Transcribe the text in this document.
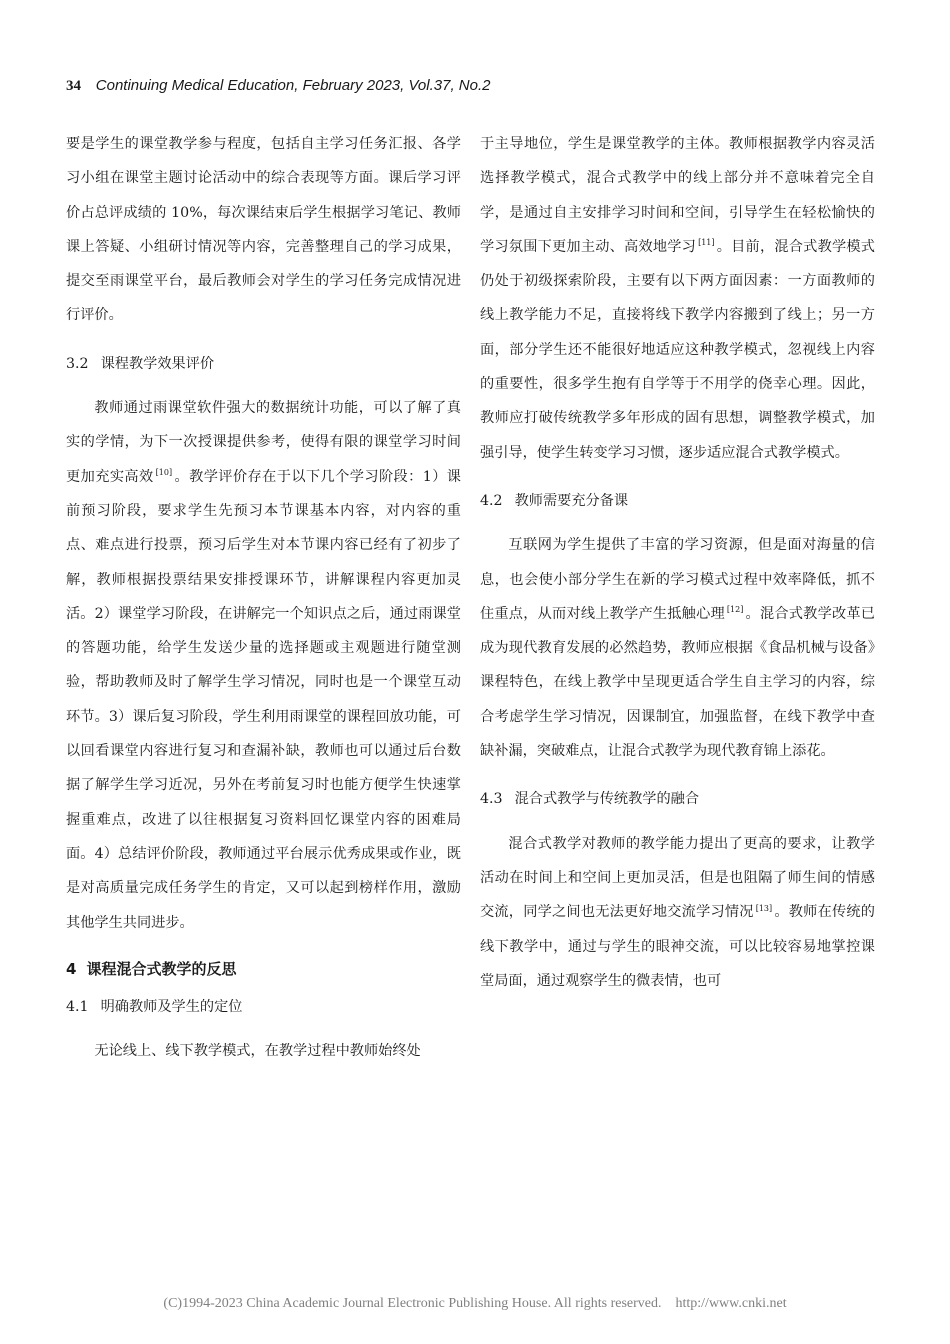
34 Continuing Medical Education, February 2023, Vol.37, No.2

要是学生的课堂教学参与程度，包括自主学习任务汇报、各学习小组在课堂主题讨论活动中的综合表现等方面。课后学习评价占总评成绩的 10%，每次课结束后学生根据学习笔记、教师课上答疑、小组研讨情况等内容，完善整理自己的学习成果，提交至雨课堂平台，最后教师会对学生的学习任务完成情况进行评价。

3.2 课程教学效果评价

教师通过雨课堂软件强大的数据统计功能，可以了解了真实的学情，为下一次授课提供参考，使得有限的课堂学习时间更加充实高效 [10] 。教学评价存在于以下几个学习阶段：1）课前预习阶段，要求学生先预习本节课基本内容，对内容的重点、难点进行投票，预习后学生对本节课内容已经有了初步了解，教师根据投票结果安排授课环节，讲解课程内容更加灵活。2）课堂学习阶段，在讲解完一个知识点之后，通过雨课堂的答题功能，给学生发送少量的选择题或主观题进行随堂测验，帮助教师及时了解学生学习情况，同时也是一个课堂互动环节。3）课后复习阶段，学生利用雨课堂的课程回放功能，可以回看课堂内容进行复习和查漏补缺，教师也可以通过后台数据了解学生学习近况，另外在考前复习时也能方便学生快速掌握重难点，改进了以往根据复习资料回忆课堂内容的困难局面。4）总结评价阶段，教师通过平台展示优秀成果或作业，既是对高质量完成任务学生的肯定，又可以起到榜样作用，激励其他学生共同进步。

4 课程混合式教学的反思
4.1 明确教师及学生的定位

无论线上、线下教学模式，在教学过程中教师始终处

于主导地位，学生是课堂教学的主体。教师根据教学内容灵活选择教学模式，混合式教学中的线上部分并不意味着完全自学，是通过自主安排学习时间和空间，引导学生在轻松愉快的学习氛围下更加主动、高效地学习 [11] 。目前，混合式教学模式仍处于初级探索阶段，主要有以下两方面因素：一方面教师的线上教学能力不足，直接将线下教学内容搬到了线上；另一方面，部分学生还不能很好地适应这种教学模式，忽视线上内容的重要性，很多学生抱有自学等于不用学的侥幸心理。因此，教师应打破传统教学多年形成的固有思想，调整教学模式，加强引导，使学生转变学习习惯，逐步适应混合式教学模式。

4.2 教师需要充分备课

互联网为学生提供了丰富的学习资源，但是面对海量的信息，也会使小部分学生在新的学习模式过程中效率降低，抓不住重点，从而对线上教学产生抵触心理 [12] 。混合式教学改革已成为现代教育发展的必然趋势，教师应根据《食品机械与设备》课程特色，在线上教学中呈现更适合学生自主学习的内容，综合考虑学生学习情况，因课制宜，加强监督，在线下教学中查缺补漏，突破难点，让混合式教学为现代教育锦上添花。

4.3 混合式教学与传统教学的融合

混合式教学对教师的教学能力提出了更高的要求，让教学活动在时间上和空间上更加灵活，但是也阻隔了师生间的情感交流，同学之间也无法更好地交流学习情况 [13] 。教师在传统的线下教学中，通过与学生的眼神交流，可以比较容易地掌控课堂局面，通过观察学生的微表情，也可

(C)1994-2023 China Academic Journal Electronic Publishing House. All rights reserved. http://www.cnki.net
